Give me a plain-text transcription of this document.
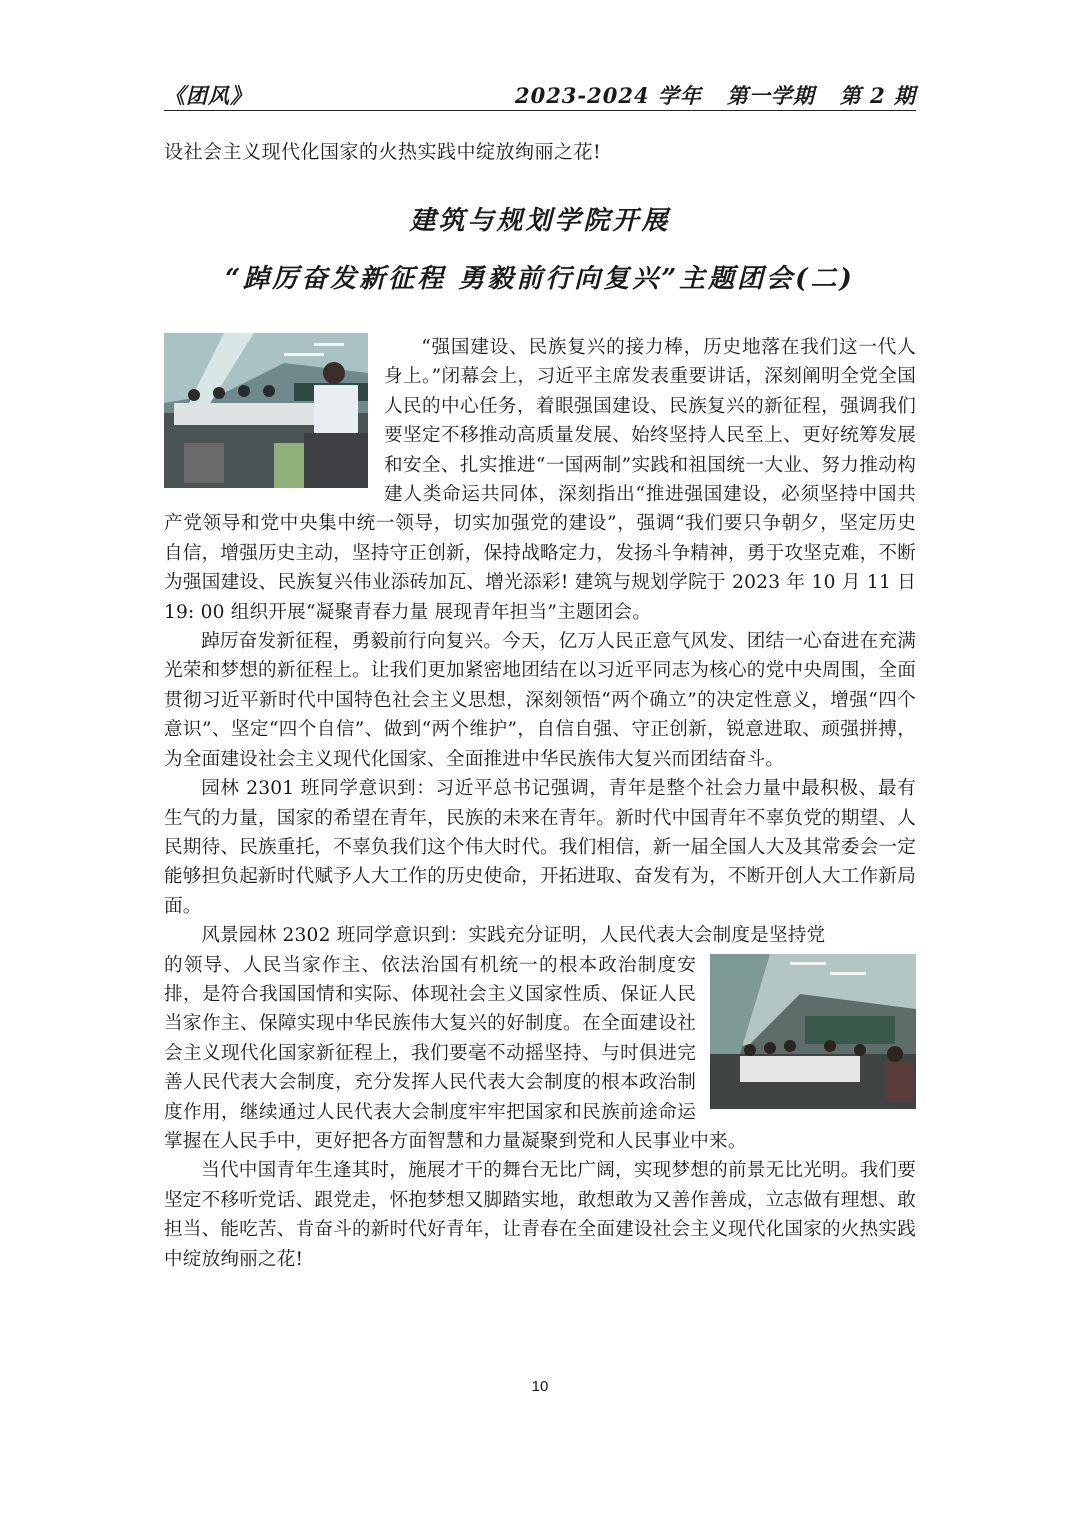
《团风》	2023-2024 学年   第一学期   第 2 期
设社会主义现代化国家的火热实践中绽放绚丽之花!
建筑与规划学院开展
“踔厉奋发新征程 勇毅前行向复兴”主题团会(二)

“强国建设、民族复兴的接力棒，历史地落在我们这一代人身上。”闭幕会上，习近平主席发表重要讲话，深刻阐明全党全国人民的中心任务，着眼强国建设、民族复兴的新征程，强调我们要坚定不移推动高质量发展、始终坚持人民至上、更好统筹发展和安全、扎实推进“一国两制”实践和祖国统一大业、努力推动构建人类命运共同体，深刻指出“推进强国建设，必须坚持中国共产党领导和党中央集中统一领导，切实加强党的建设”，强调“我们要只争朝夕，坚定历史自信，增强历史主动，坚持守正创新，保持战略定力，发扬斗争精神，勇于攻坚克难，不断为强国建设、民族复兴伟业添砖加瓦、增光添彩! 建筑与规划学院于 2023 年 10 月 11 日 19: 00 组织开展“凝聚青春力量 展现青年担当”主题团会。

踔厉奋发新征程，勇毅前行向复兴。今天，亿万人民正意气风发、团结一心奋进在充满光荣和梦想的新征程上。让我们更加紧密地团结在以习近平同志为核心的党中央周围，全面贯彻习近平新时代中国特色社会主义思想，深刻领悟“两个确立”的决定性意义，增强“四个意识”、坚定“四个自信”、做到“两个维护”，自信自强、守正创新，锐意进取、顽强拼搏，为全面建设社会主义现代化国家、全面推进中华民族伟大复兴而团结奋斗。

园林 2301 班同学意识到：习近平总书记强调，青年是整个社会力量中最积极、最有生气的力量，国家的希望在青年，民族的未来在青年。新时代中国青年不辜负党的期望、人民期待、民族重托，不辜负我们这个伟大时代。我们相信，新一届全国人大及其常委会一定能够担负起新时代赋予人大工作的历史使命，开拓进取、奋发有为，不断开创人大工作新局面。

风景园林 2302 班同学意识到：实践充分证明，人民代表大会制度是坚持党

的领导、人民当家作主、依法治国有机统一的根本政治制度安排，是符合我国国情和实际、体现社会主义国家性质、保证人民当家作主、保障实现中华民族伟大复兴的好制度。在全面建设社会主义现代化国家新征程上，我们要毫不动摇坚持、与时俱进完善人民代表大会制度，充分发挥人民代表大会制度的根本政治制度作用，继续通过人民代表大会制度牢牢把国家和民族前途命运掌握在人民手中，更好把各方面智慧和力量凝聚到党和人民事业中来。

当代中国青年生逢其时，施展才干的舞台无比广阔，实现梦想的前景无比光明。我们要坚定不移听党话、跟党走，怀抱梦想又脚踏实地，敢想敢为又善作善成，立志做有理想、敢担当、能吃苦、肯奋斗的新时代好青年，让青春在全面建设社会主义现代化国家的火热实践中绽放绚丽之花!

10
